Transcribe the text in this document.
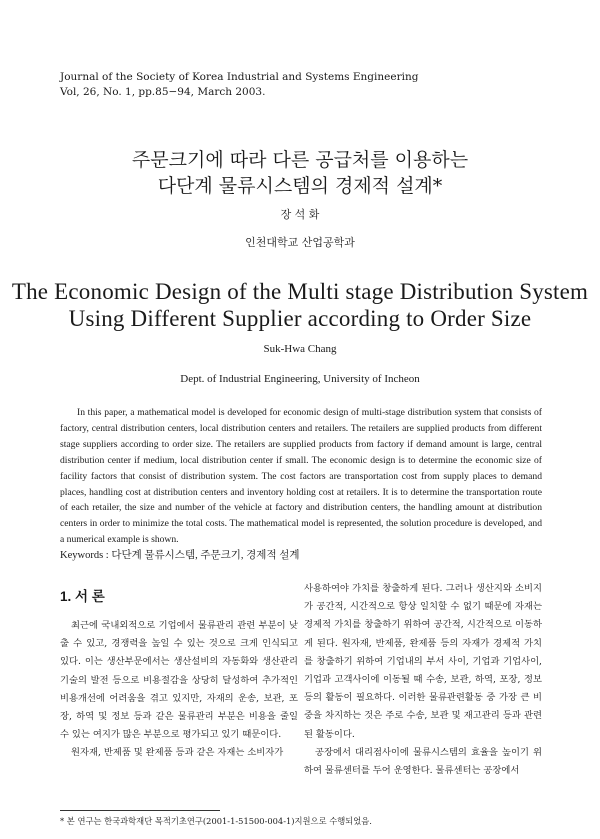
Journal of the Society of Korea Industrial and Systems Engineering
Vol, 26, No. 1, pp.85−94, March 2003.
주문크기에 따라 다른 공급처를 이용하는
다단계 물류시스템의 경제적 설계*
장 석 화
인천대학교 산업공학과
The Economic Design of the Multi stage Distribution System
Using Different Supplier according to Order Size
Suk-Hwa Chang
Dept. of Industrial Engineering, University of Incheon

In this paper, a mathematical model is developed for economic design of multi-stage distribution system that consists of factory, central distribution centers, local distribution centers and retailers. The retailers are supplied products from different stage suppliers according to order size. The retailers are supplied products from factory if demand amount is large, central distribution center if medium, local distribution center if small. The economic design is to determine the economic size of facility factors that consist of distribution system. The cost factors are transportation cost from supply places to demand places, handling cost at distribution centers and inventory holding cost at retailers. It is to determine the transportation route of each retailer, the size and number of the vehicle at factory and distribution centers, the handling amount at distribution centers in order to minimize the total costs. The mathematical model is represented, the solution procedure is developed, and a numerical example is shown.

Keywords : 다단계 물류시스템, 주문크기, 경제적 설계
1. 서 론

최근에 국내외적으로 기업에서 물류관리 관련 부분이 낮출 수 있고, 경쟁력을 높일 수 있는 것으로 크게 인식되고 있다. 이는 생산부문에서는 생산설비의 자동화와 생산관리 기술의 발전 등으로 비용절감을 상당히 달성하여 추가적인 비용개선에 어려움을 겪고 있지만, 자재의 운송, 보관, 포장, 하역 및 정보 등과 같은 물류관리 부분은 비용을 줄일 수 있는 여지가 많은 부분으로 평가되고 있기 때문이다.

원자재, 반제품 및 완제품 등과 같은 자재는 소비자가

사용하여야 가치를 창출하게 된다. 그러나 생산지와 소비지가 공간적, 시간적으로 항상 일치할 수 없기 때문에 자재는 경제적 가치를 창출하기 위하여 공간적, 시간적으로 이동하게 된다. 원자재, 반제품, 완제품 등의 자재가 경제적 가치를 창출하기 위하여 기업내의 부서 사이, 기업과 기업사이, 기업과 고객사이에 이동될 때 수송, 보관, 하역, 포장, 정보 등의 활동이 필요하다. 이러한 물류관련활동 중 가장 큰 비중을 차지하는 것은 주로 수송, 보관 및 재고관리 등과 관련된 활동이다.

공장에서 대리점사이에 물류시스템의 효율을 높이기 위하여 물류센터를 두어 운영한다. 물류센터는 공장에서

* 본 연구는 한국과학재단 목적기초연구(2001-1-51500-004-1)지원으로 수행되었음.
